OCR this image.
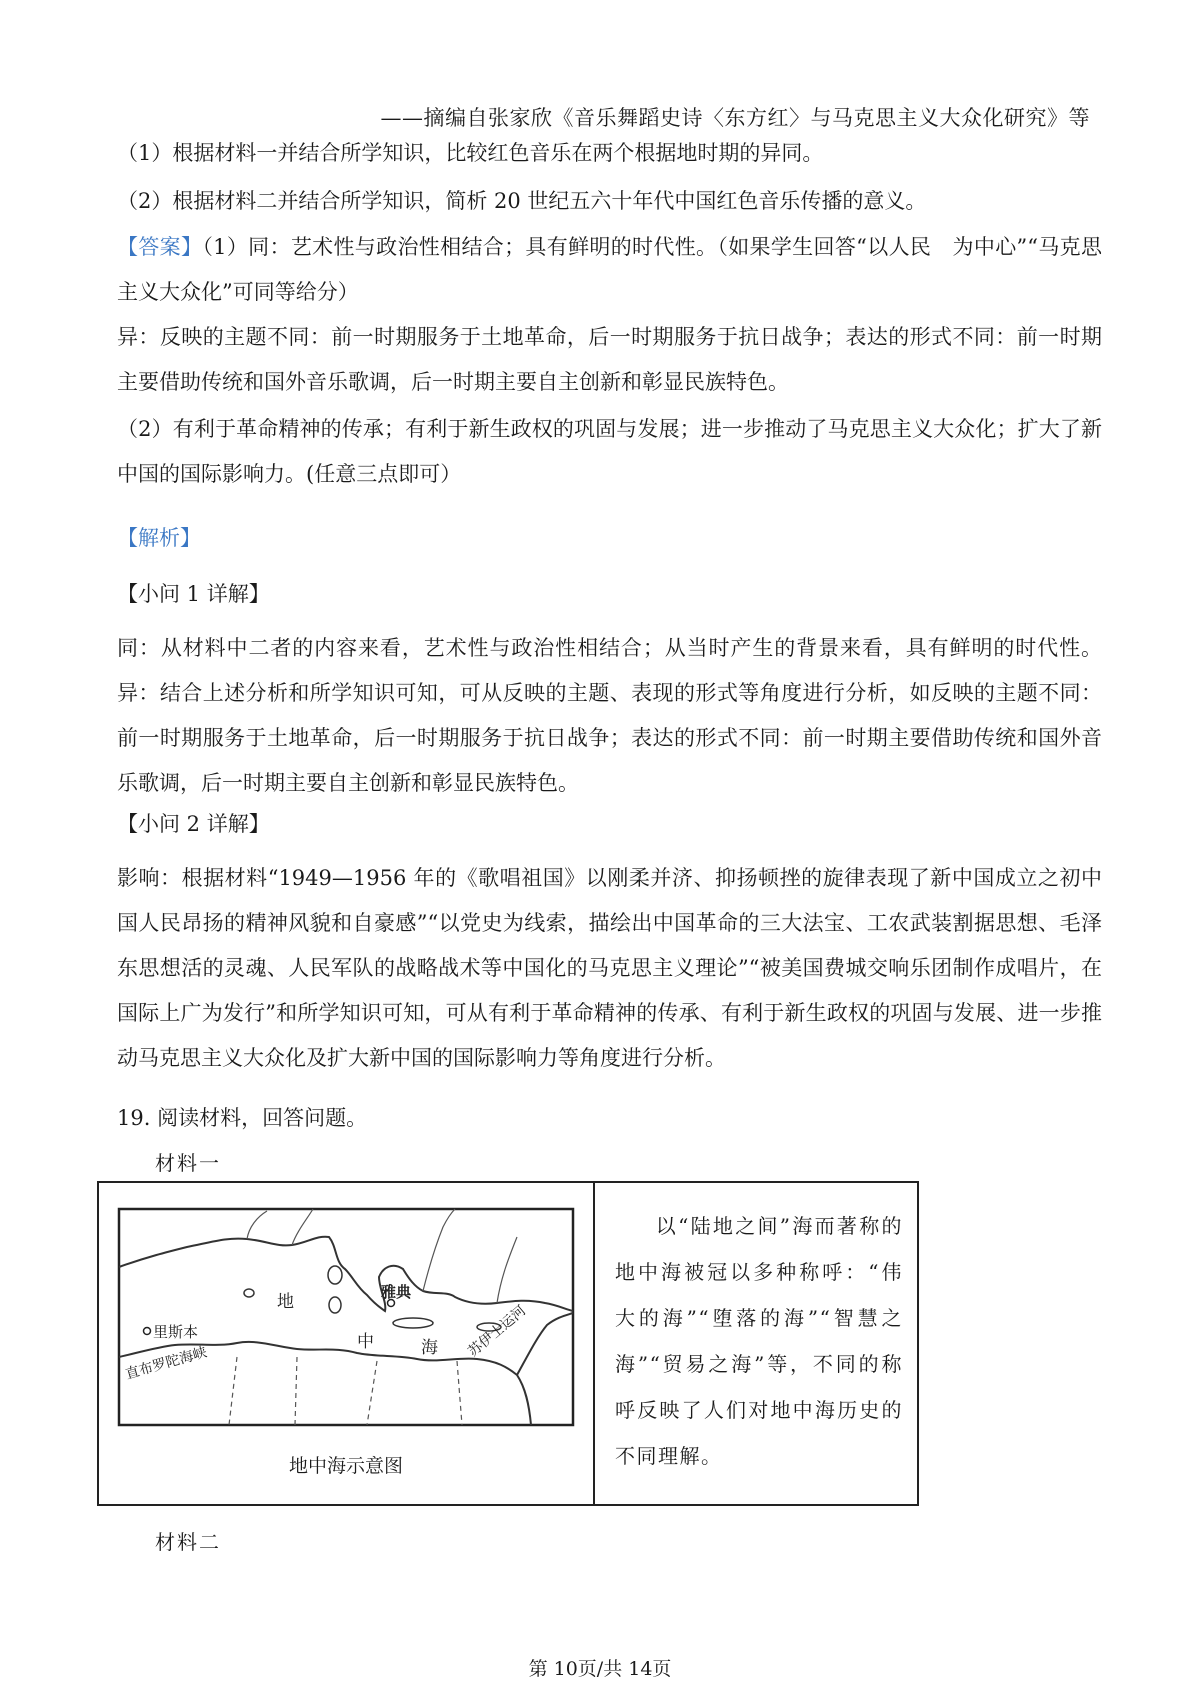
——摘编自张家欣《音乐舞蹈史诗〈东方红〉与马克思主义大众化研究》等

（1）根据材料一并结合所学知识，比较红色音乐在两个根据地时期的异同。

（2）根据材料二并结合所学知识，简析 20 世纪五六十年代中国红色音乐传播的意义。

【答案】（1）同：艺术性与政治性相结合；具有鲜明的时代性。（如果学生回答“以人民　为中心”“马克思主义大众化”可同等给分）

异：反映的主题不同：前一时期服务于土地革命，后一时期服务于抗日战争；表达的形式不同：前一时期主要借助传统和国外音乐歌调，后一时期主要自主创新和彰显民族特色。

（2）有利于革命精神的传承；有利于新生政权的巩固与发展；进一步推动了马克思主义大众化；扩大了新中国的国际影响力。(任意三点即可）

【解析】

【小问 1 详解】

同：从材料中二者的内容来看，艺术性与政治性相结合；从当时产生的背景来看，具有鲜明的时代性。异：结合上述分析和所学知识可知，可从反映的主题、表现的形式等角度进行分析，如反映的主题不同：前一时期服务于土地革命，后一时期服务于抗日战争；表达的形式不同：前一时期主要借助传统和国外音乐歌调，后一时期主要自主创新和彰显民族特色。

【小问 2 详解】

影响：根据材料“1949—1956 年的《歌唱祖国》以刚柔并济、抑扬顿挫的旋律表现了新中国成立之初中国人民昂扬的精神风貌和自豪感”“以党史为线索，描绘出中国革命的三大法宝、工农武装割据思想、毛泽东思想活的灵魂、人民军队的战略战术等中国化的马克思主义理论”“被美国费城交响乐团制作成唱片，在国际上广为发行”和所学知识可知，可从有利于革命精神的传承、有利于新生政权的巩固与发展、进一步推动马克思主义大众化及扩大新中国的国际影响力等角度进行分析。

19. 阅读材料，回答问题。

材料一

里斯本
直布罗陀海峡
雅典
地
中	海 苏伊士运河
地中海示意图
以“陆地之间”海而著称的地中海被冠以多种称呼：“伟大的海”“堕落的海”“智慧之海”“贸易之海”等，不同的称呼反映了人们对地中海历史的不同理解。

材料二

第 10页/共 14页
